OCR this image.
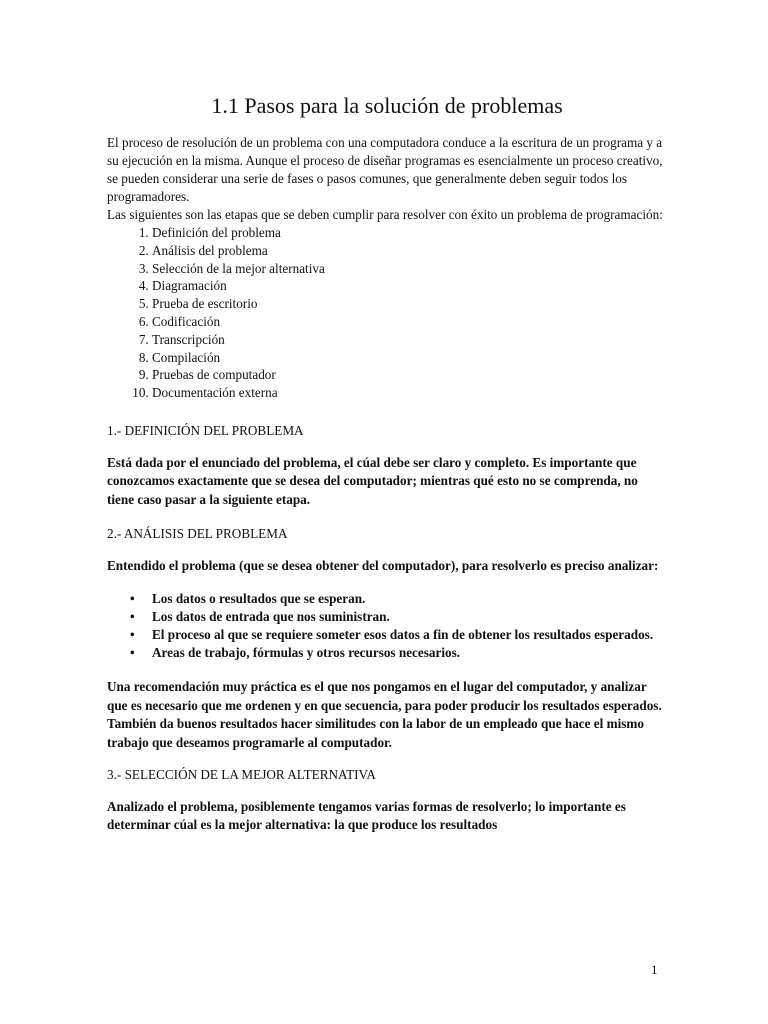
1.1 Pasos para la solución de problemas

El proceso de resolución de un problema con una computadora conduce a la escritura de un programa y a su ejecución en la misma. Aunque el proceso de diseñar programas es esencialmente un proceso creativo, se pueden considerar una serie de fases o pasos comunes, que generalmente deben seguir todos los programadores.

Las siguientes son las etapas que se deben cumplir para resolver con éxito un problema de programación:

1. Definición del problema
2. Análisis del problema
3. Selección de la mejor alternativa
4. Diagramación
5. Prueba de escritorio
6. Codificación
7. Transcripción
8. Compilación
9. Pruebas de computador
10. Documentación externa
1.- DEFINICIÓN DEL PROBLEMA

Está dada por el enunciado del problema, el cúal debe ser claro y completo. Es importante que conozcamos exactamente que se desea del computador; mientras qué esto no se comprenda, no tiene caso pasar a la siguiente etapa.

2.- ANÁLISIS DEL PROBLEMA

Entendido el problema (que se desea obtener del computador), para resolverlo es preciso analizar:

• Los datos o resultados que se esperan.
• Los datos de entrada que nos suministran.
• El proceso al que se requiere someter esos datos a fin de obtener los resultados esperados.
• Areas de trabajo, fórmulas y otros recursos necesarios.

Una recomendación muy práctica es el que nos pongamos en el lugar del computador, y analizar que es necesario que me ordenen y en que secuencia, para poder producir los resultados esperados. También da buenos resultados hacer similitudes con la labor de un empleado que hace el mismo trabajo que deseamos programarle al computador.

3.- SELECCIÓN DE LA MEJOR ALTERNATIVA

Analizado el problema, posiblemente tengamos varias formas de resolverlo; lo importante es determinar cúal es la mejor alternativa: la que produce los resultados

1
